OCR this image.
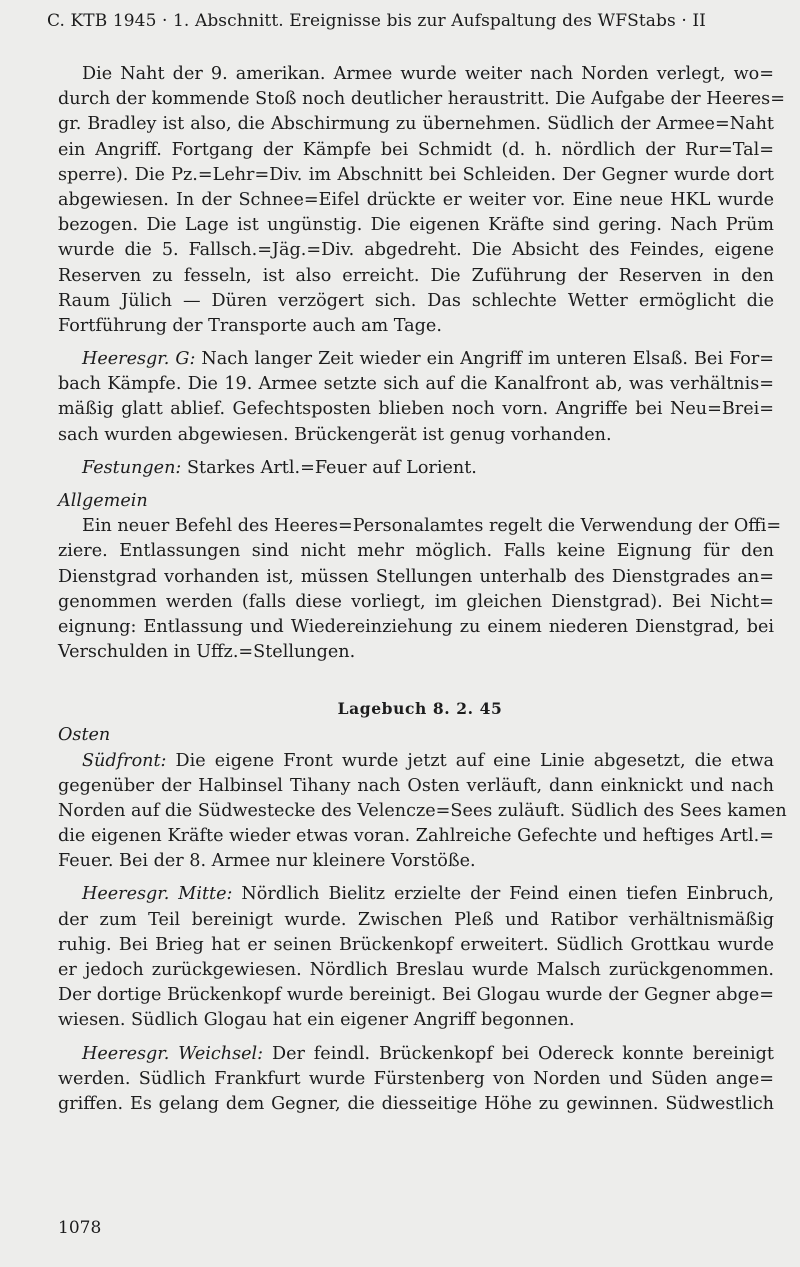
C. KTB 1945 · 1. Abschnitt. Ereignisse bis zur Aufspaltung des WFStabs · II
Die Naht der 9. amerikan. Armee wurde weiter nach Norden verlegt, wo=
durch der kommende Stoß noch deutlicher heraustritt. Die Aufgabe der Heeres=
gr. Bradley ist also, die Abschirmung zu übernehmen. Südlich der Armee=Naht
ein Angriff. Fortgang der Kämpfe bei Schmidt (d. h. nördlich der Rur=Tal=
sperre). Die Pz.=Lehr=Div. im Abschnitt bei Schleiden. Der Gegner wurde dort
abgewiesen. In der Schnee=Eifel drückte er weiter vor. Eine neue HKL wurde
bezogen. Die Lage ist ungünstig. Die eigenen Kräfte sind gering. Nach Prüm
wurde die 5. Fallsch.=Jäg.=Div. abgedreht. Die Absicht des Feindes, eigene
Reserven zu fesseln, ist also erreicht. Die Zuführung der Reserven in den
Raum Jülich — Düren verzögert sich. Das schlechte Wetter ermöglicht die
Fortführung der Transporte auch am Tage.
Heeresgr. G: Nach langer Zeit wieder ein Angriff im unteren Elsaß. Bei For=
bach Kämpfe. Die 19. Armee setzte sich auf die Kanalfront ab, was verhältnis=
mäßig glatt ablief. Gefechtsposten blieben noch vorn. Angriffe bei Neu=Brei=
sach wurden abgewiesen. Brückengerät ist genug vorhanden.
Festungen: Starkes Artl.=Feuer auf Lorient.
Allgemein
Ein neuer Befehl des Heeres=Personalamtes regelt die Verwendung der Offi=
ziere. Entlassungen sind nicht mehr möglich. Falls keine Eignung für den
Dienstgrad vorhanden ist, müssen Stellungen unterhalb des Dienstgrades an=
genommen werden (falls diese vorliegt, im gleichen Dienstgrad). Bei Nicht=
eignung: Entlassung und Wiedereinziehung zu einem niederen Dienstgrad, bei
Verschulden in Uffz.=Stellungen.
Lagebuch 8. 2. 45
Osten
Südfront: Die eigene Front wurde jetzt auf eine Linie abgesetzt, die etwa
gegenüber der Halbinsel Tihany nach Osten verläuft, dann einknickt und nach
Norden auf die Südwestecke des Velencze=Sees zuläuft. Südlich des Sees kamen
die eigenen Kräfte wieder etwas voran. Zahlreiche Gefechte und heftiges Artl.=
Feuer. Bei der 8. Armee nur kleinere Vorstöße.
Heeresgr. Mitte: Nördlich Bielitz erzielte der Feind einen tiefen Einbruch,
der zum Teil bereinigt wurde. Zwischen Pleß und Ratibor verhältnismäßig
ruhig. Bei Brieg hat er seinen Brückenkopf erweitert. Südlich Grottkau wurde
er jedoch zurückgewiesen. Nördlich Breslau wurde Malsch zurückgenommen.
Der dortige Brückenkopf wurde bereinigt. Bei Glogau wurde der Gegner abge=
wiesen. Südlich Glogau hat ein eigener Angriff begonnen.
Heeresgr. Weichsel: Der feindl. Brückenkopf bei Odereck konnte bereinigt
werden. Südlich Frankfurt wurde Fürstenberg von Norden und Süden ange=
griffen. Es gelang dem Gegner, die diesseitige Höhe zu gewinnen. Südwestlich
1078
